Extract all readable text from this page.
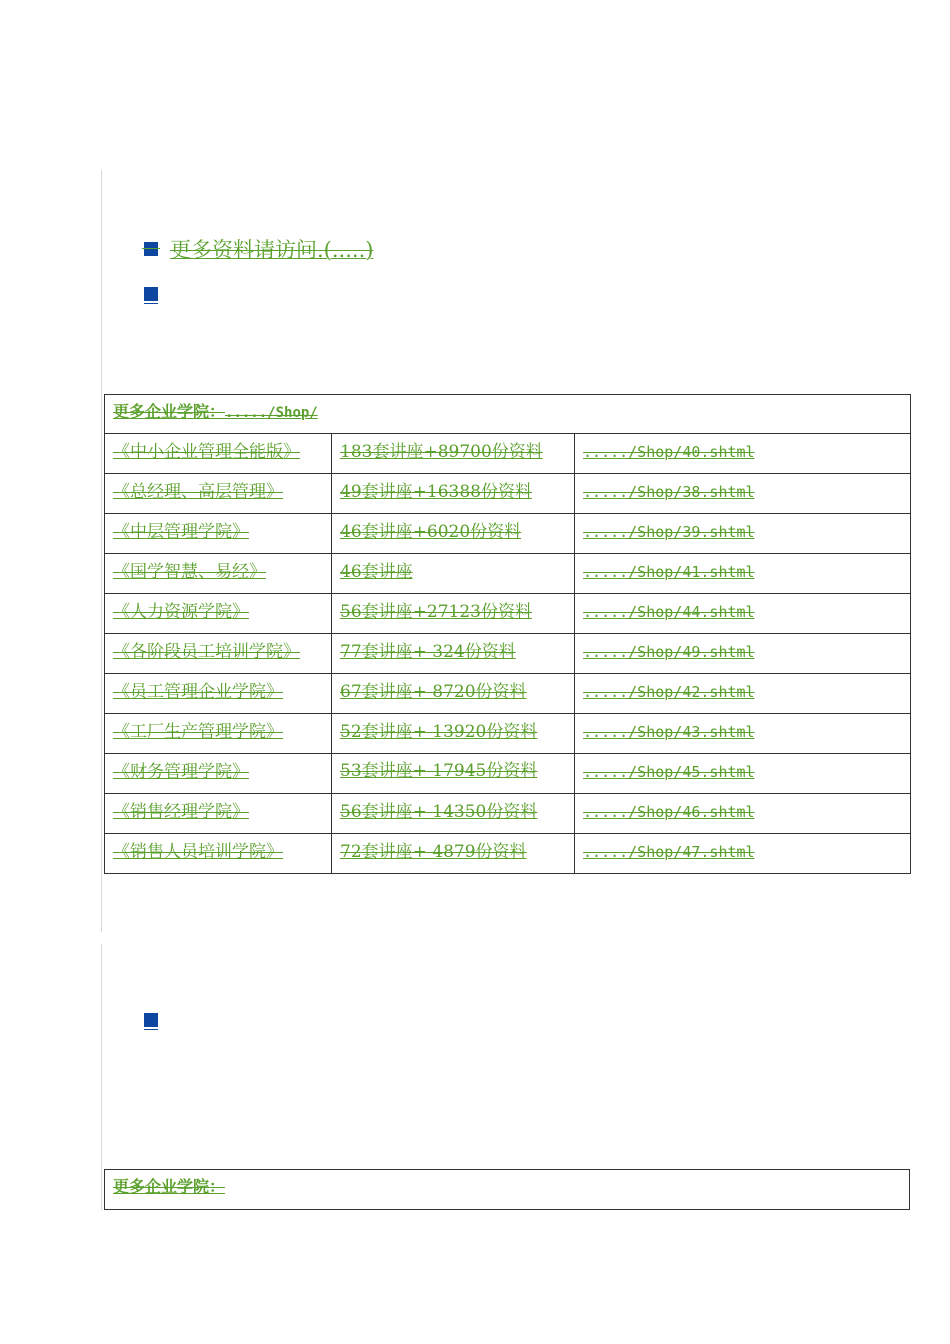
更多资料请访问.(.....)
更多企业学院：...../Shop/		
《中小企业管理全能版》	183套讲座+89700份资料	...../Shop/40.shtml
《总经理、高层管理》	49套讲座+16388份资料	...../Shop/38.shtml
《中层管理学院》	46套讲座+6020份资料	...../Shop/39.shtml
《国学智慧、易经》	46套讲座	...../Shop/41.shtml
《人力资源学院》	56套讲座+27123份资料	...../Shop/44.shtml
《各阶段员工培训学院》	77套讲座+ 324份资料	...../Shop/49.shtml
《员工管理企业学院》	67套讲座+ 8720份资料	...../Shop/42.shtml
《工厂生产管理学院》	52套讲座+ 13920份资料	...../Shop/43.shtml
《财务管理学院》	53套讲座+ 17945份资料	...../Shop/45.shtml
《销售经理学院》	56套讲座+ 14350份资料	...../Shop/46.shtml
《销售人员培训学院》	72套讲座+ 4879份资料	...../Shop/47.shtml
更多企业学院：
